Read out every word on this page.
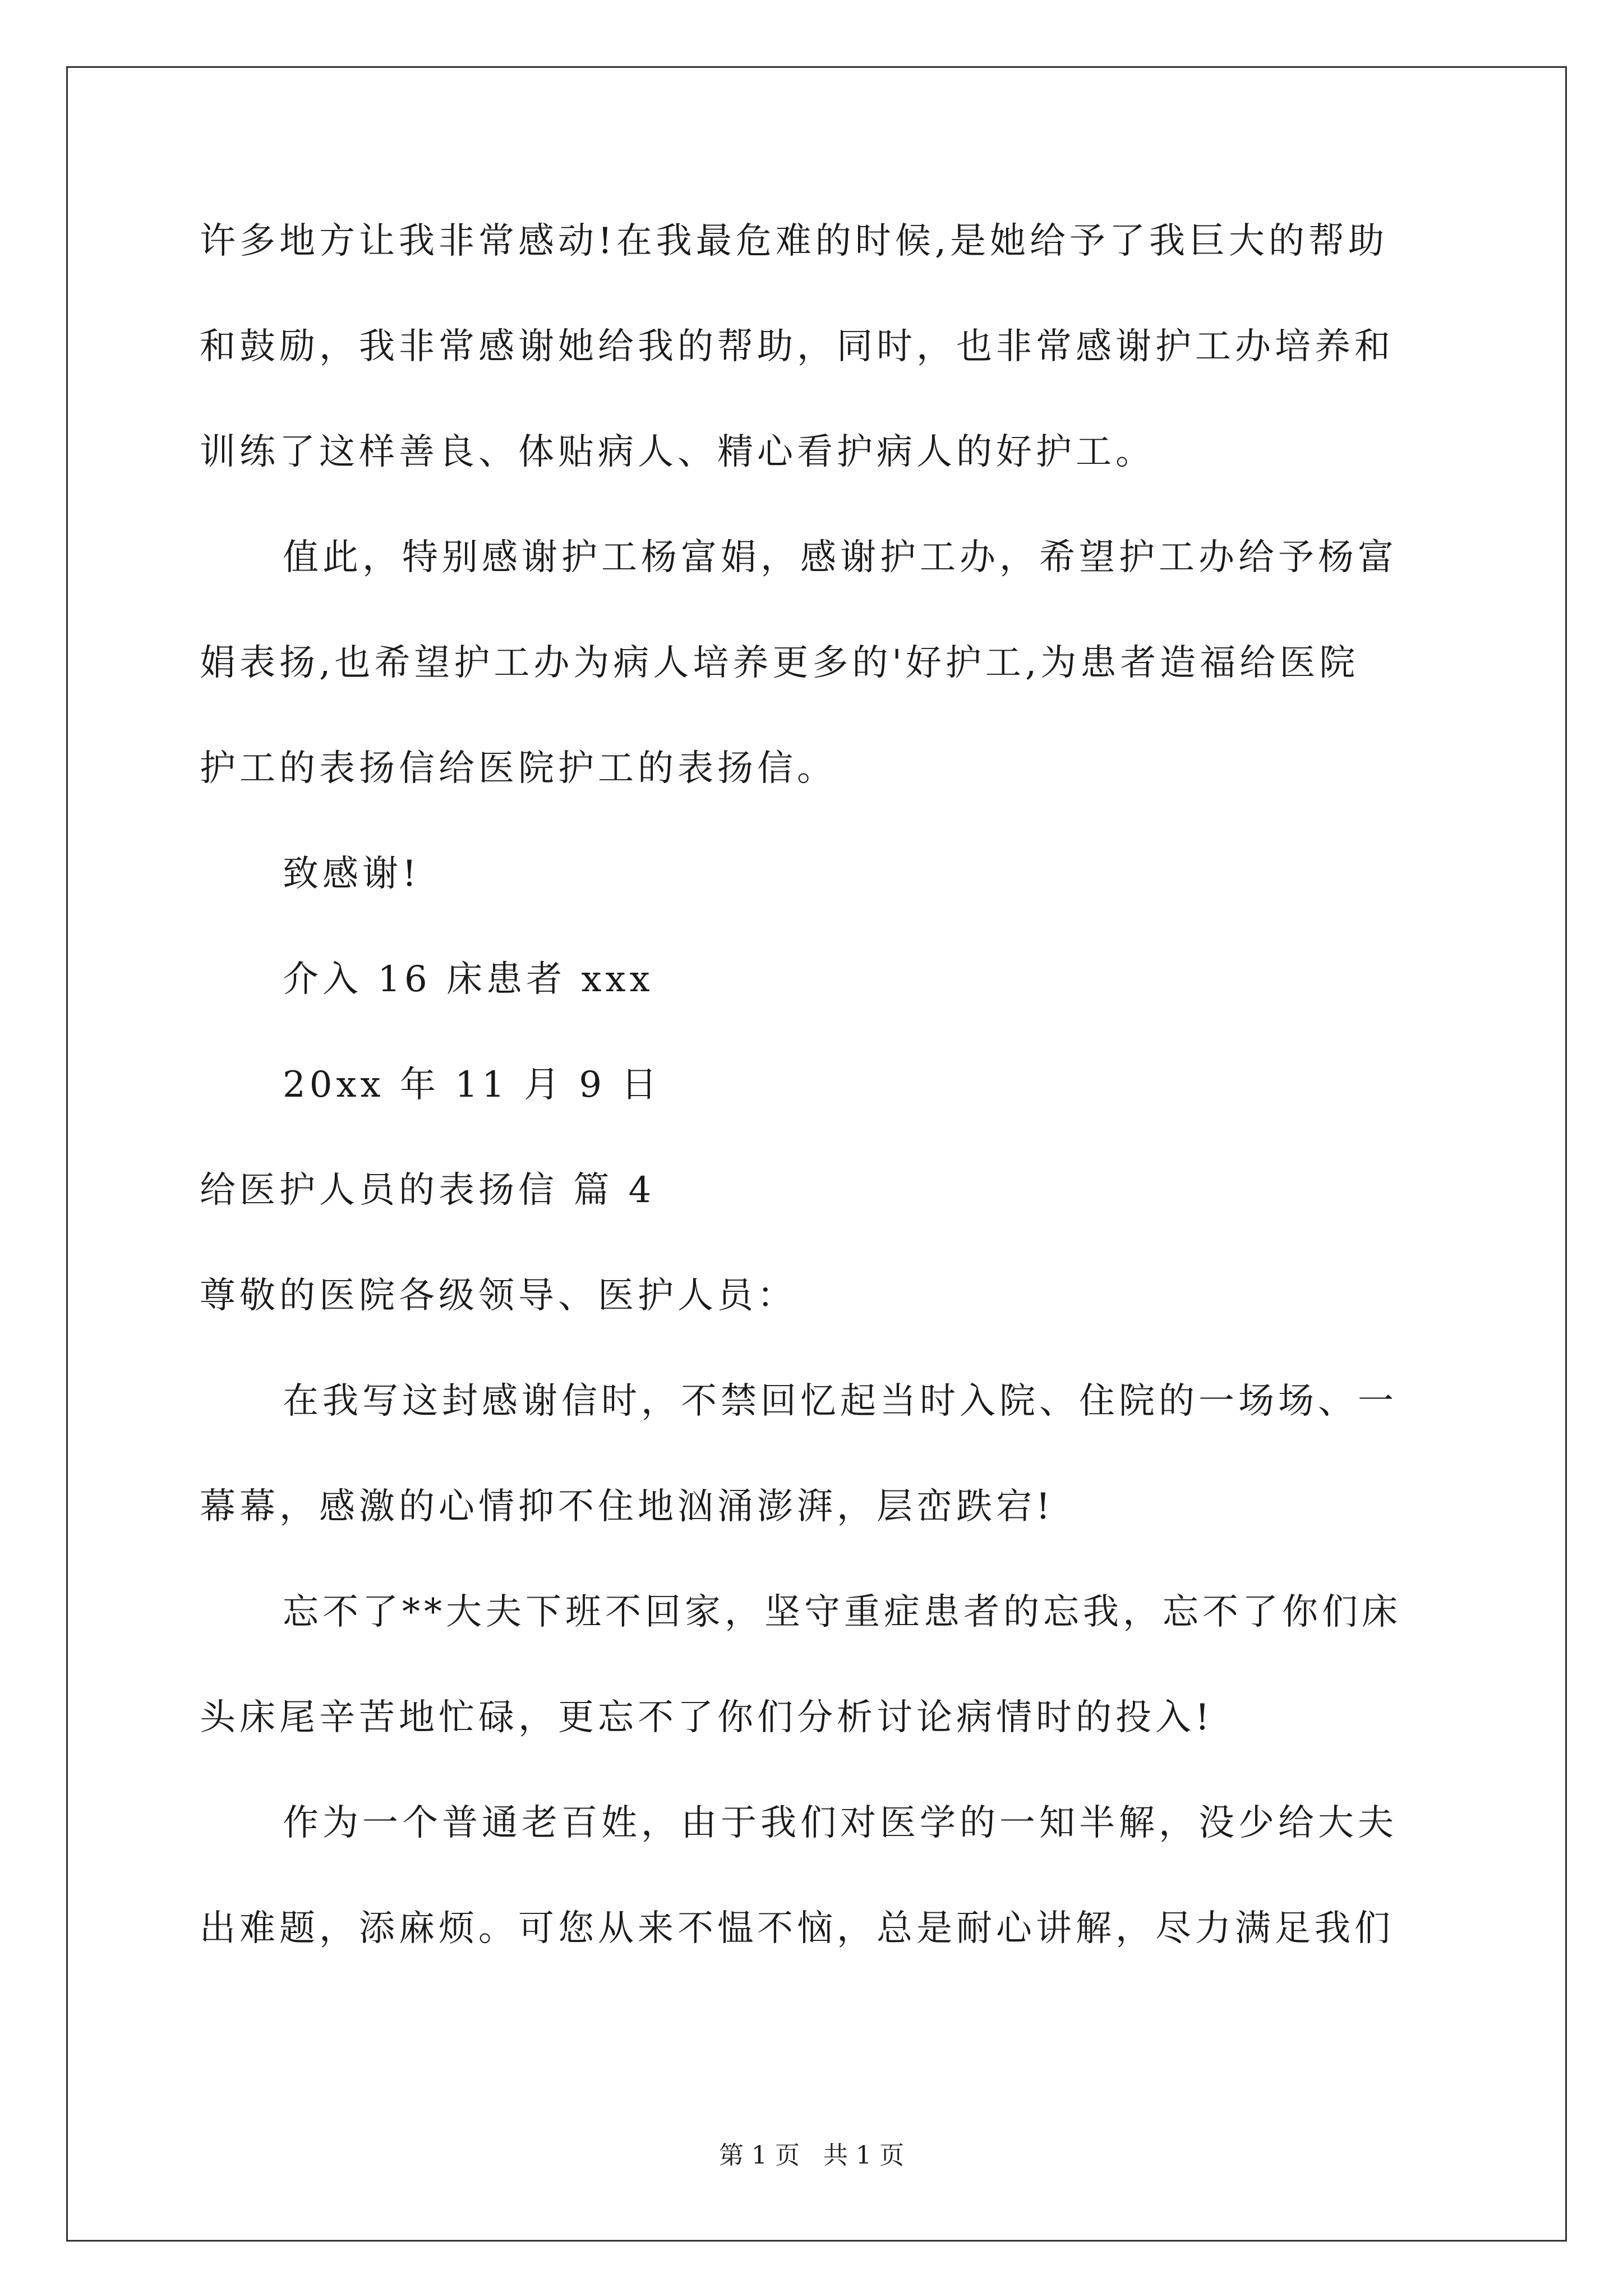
许多地方让我非常感动!在我最危难的时候,是她给予了我巨大的帮助

和鼓励，我非常感谢她给我的帮助，同时，也非常感谢护工办培养和

训练了这样善良、体贴病人、精心看护病人的好护工。

值此，特别感谢护工杨富娟，感谢护工办，希望护工办给予杨富

娟表扬,也希望护工办为病人培养更多的'好护工,为患者造福给医院

护工的表扬信给医院护工的表扬信。

致感谢!

介入 16 床患者 xxx

20xx 年 11 月 9 日

给医护人员的表扬信 篇 4

尊敬的医院各级领导、医护人员：

在我写这封感谢信时，不禁回忆起当时入院、住院的一场场、一

幕幕，感激的心情抑不住地汹涌澎湃，层峦跌宕!

忘不了**大夫下班不回家，坚守重症患者的忘我，忘不了你们床

头床尾辛苦地忙碌，更忘不了你们分析讨论病情时的投入!

作为一个普通老百姓，由于我们对医学的一知半解，没少给大夫

出难题，添麻烦。可您从来不愠不恼，总是耐心讲解，尽力满足我们

第 1 页   共 1 页
